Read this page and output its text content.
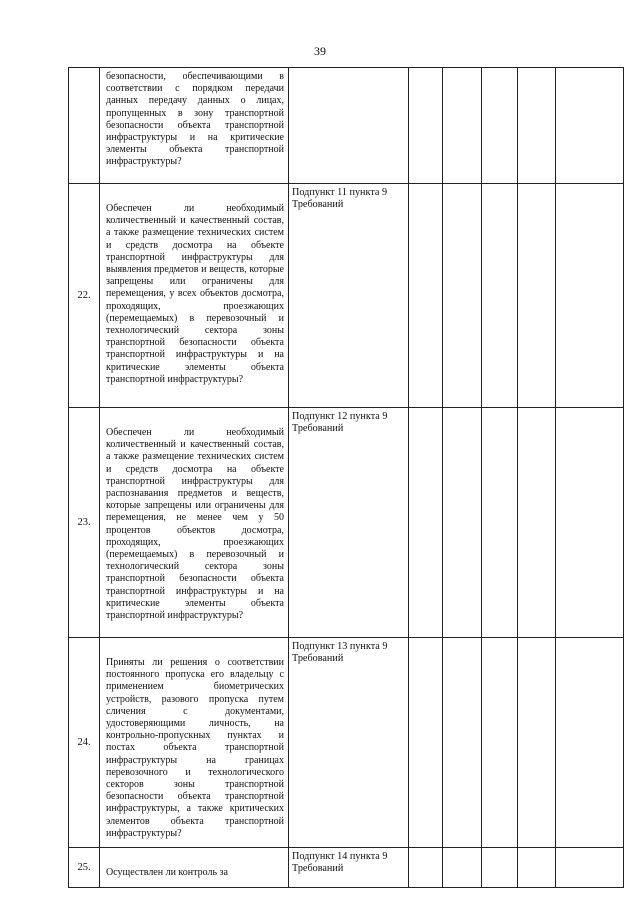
39

	безопасности, обеспечивающими в соответствии с порядком передачи данных передачу данных о лицах, пропущенных в зону транспортной безопасности объекта транспортной инфраструктуры и на критические элементы объекта транспортной инфраструктуры?						

22.	Обеспечен ли необходимый количественный и качественный состав, а также размещение технических систем и средств досмотра на объекте транспортной инфраструктуры для выявления предметов и веществ, которые запрещены или ограничены для перемещения, у всех объектов досмотра, проходящих, проезжающих (перемещаемых) в перевозочный и технологический сектора зоны транспортной безопасности объекта транспортной инфраструктуры и на критические элементы объекта транспортной инфраструктуры?	Подпункт 11 пункта 9 Требований					
23.	Обеспечен ли необходимый количественный и качественный состав, а также размещение технических систем и средств досмотра на объекте транспортной инфраструктуры для распознавания предметов и веществ, которые запрещены или ограничены для перемещения, не менее чем у 50 процентов объектов досмотра, проходящих, проезжающих (перемещаемых) в перевозочный и технологический сектора зоны транспортной безопасности объекта транспортной инфраструктуры и на критические элементы объекта транспортной инфраструктуры?	Подпункт 12 пункта 9 Требований					
24.	Приняты ли решения о соответствии постоянного пропуска его владельцу с применением биометрических устройств, разового пропуска путем сличения с документами, удостоверяющими личность, на контрольно-пропускных пунктах и постах объекта транспортной инфраструктуры на границах перевозочного и технологического секторов зоны транспортной безопасности объекта транспортной инфраструктуры, а также критических элементов объекта транспортной инфраструктуры?	Подпункт 13 пункта 9 Требований					
25.	Осуществлен ли контроль за	Подпункт 14 пункта 9 Требований					
